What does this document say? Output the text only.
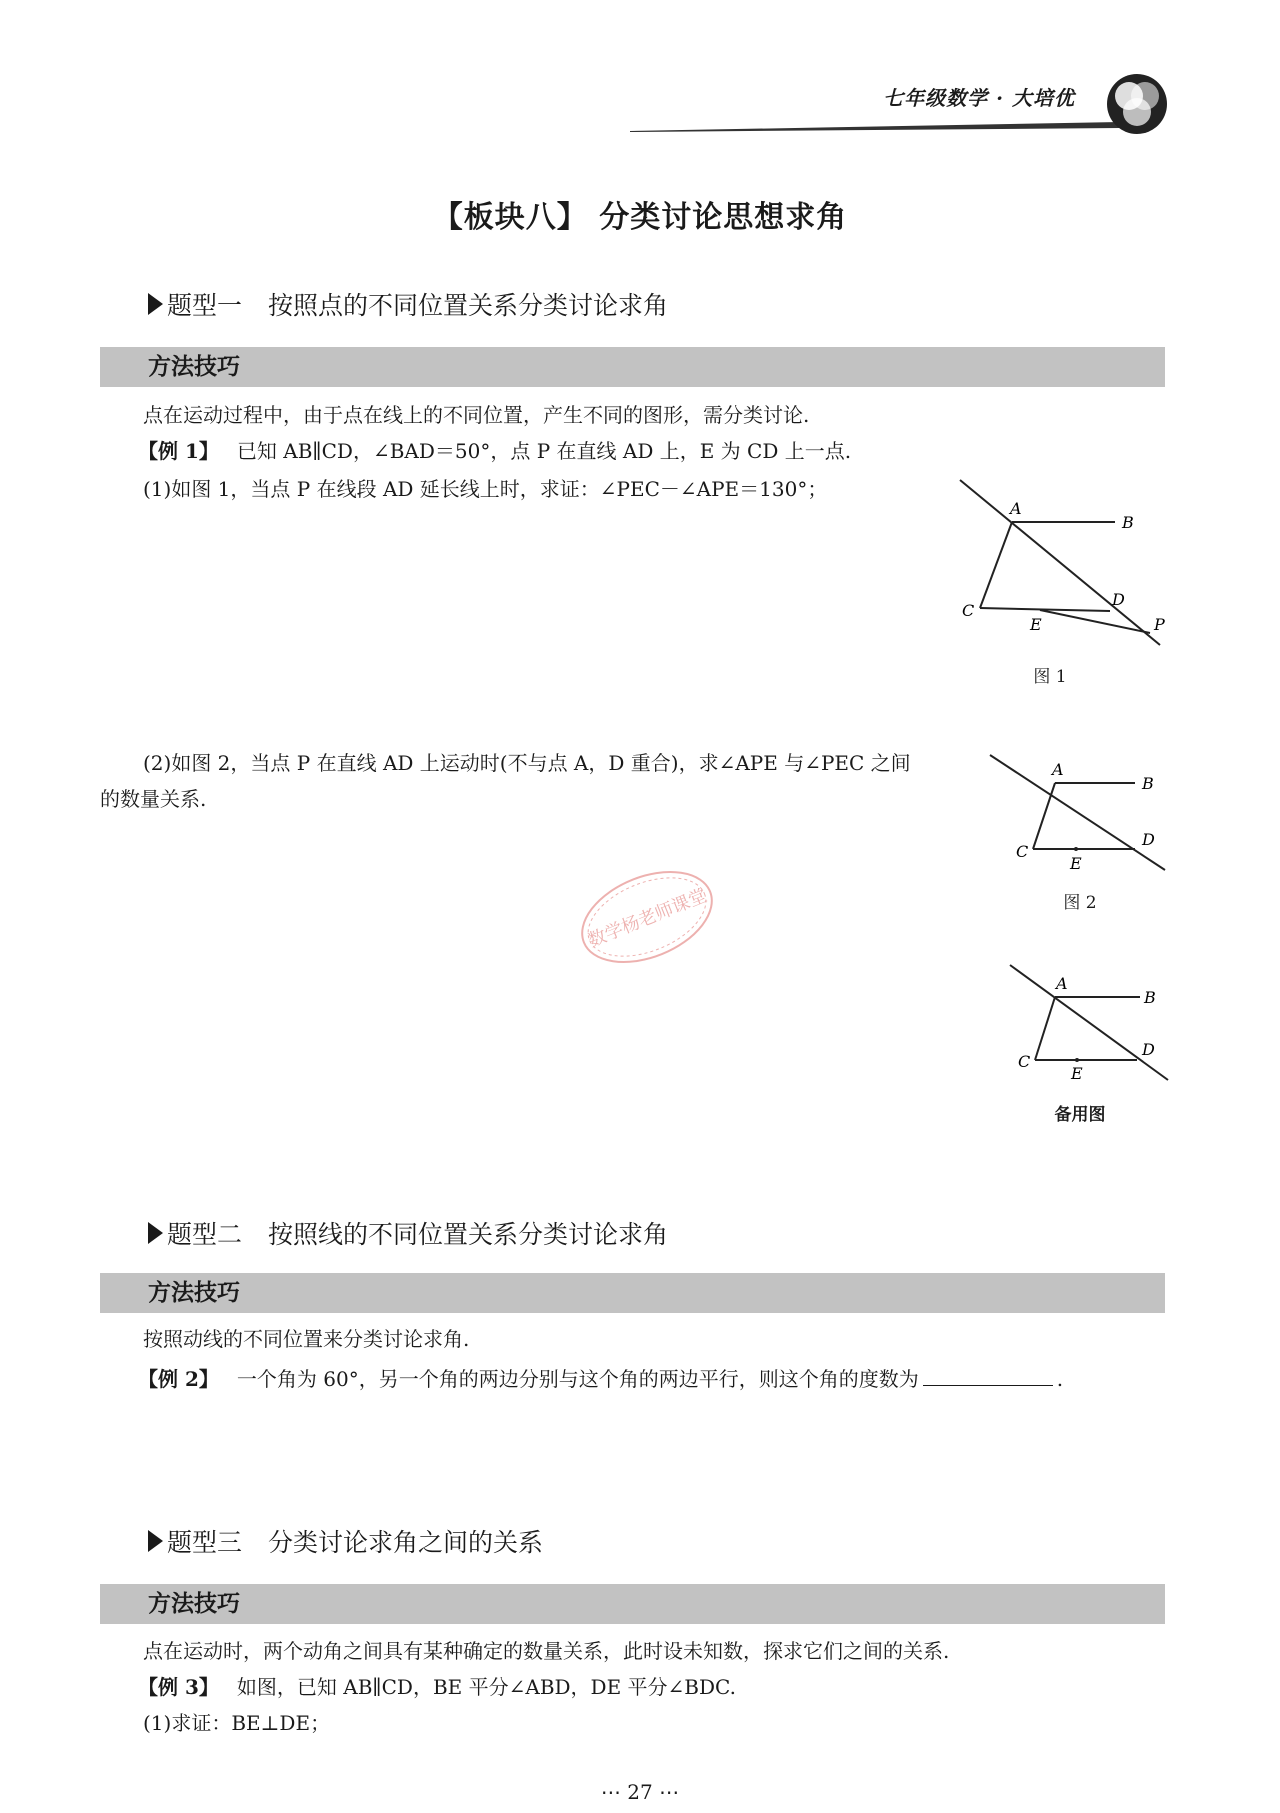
七年级数学 · 大培优
【板块八】 分类讨论思想求角
题型一 按照点的不同位置关系分类讨论求角
方法技巧
点在运动过程中，由于点在线上的不同位置，产生不同的图形，需分类讨论.
【例 1】 已知 AB∥CD，∠BAD＝50°，点 P 在直线 AD 上，E 为 CD 上一点.
(1)如图 1，当点 P 在线段 AD 延长线上时，求证：∠PEC－∠APE＝130°；
A
B
C
D
E	P
图 1
(2)如图 2，当点 P 在直线 AD 上运动时(不与点 A，D 重合)，求∠APE 与∠PEC 之间
的数量关系.
A
B
C
D
E
图 2
数学杨老师课堂
A
B
C
D
E
备用图
题型二 按照线的不同位置关系分类讨论求角
方法技巧
按照动线的不同位置来分类讨论求角.
【例 2】 一个角为 60°，另一个角的两边分别与这个角的两边平行，则这个角的度数为	.
题型三 分类讨论求角之间的关系
方法技巧
点在运动时，两个动角之间具有某种确定的数量关系，此时设未知数，探求它们之间的关系.
【例 3】 如图，已知 AB∥CD，BE 平分∠ABD，DE 平分∠BDC.
(1)求证：BE⊥DE；
⋯ 27 ⋯
